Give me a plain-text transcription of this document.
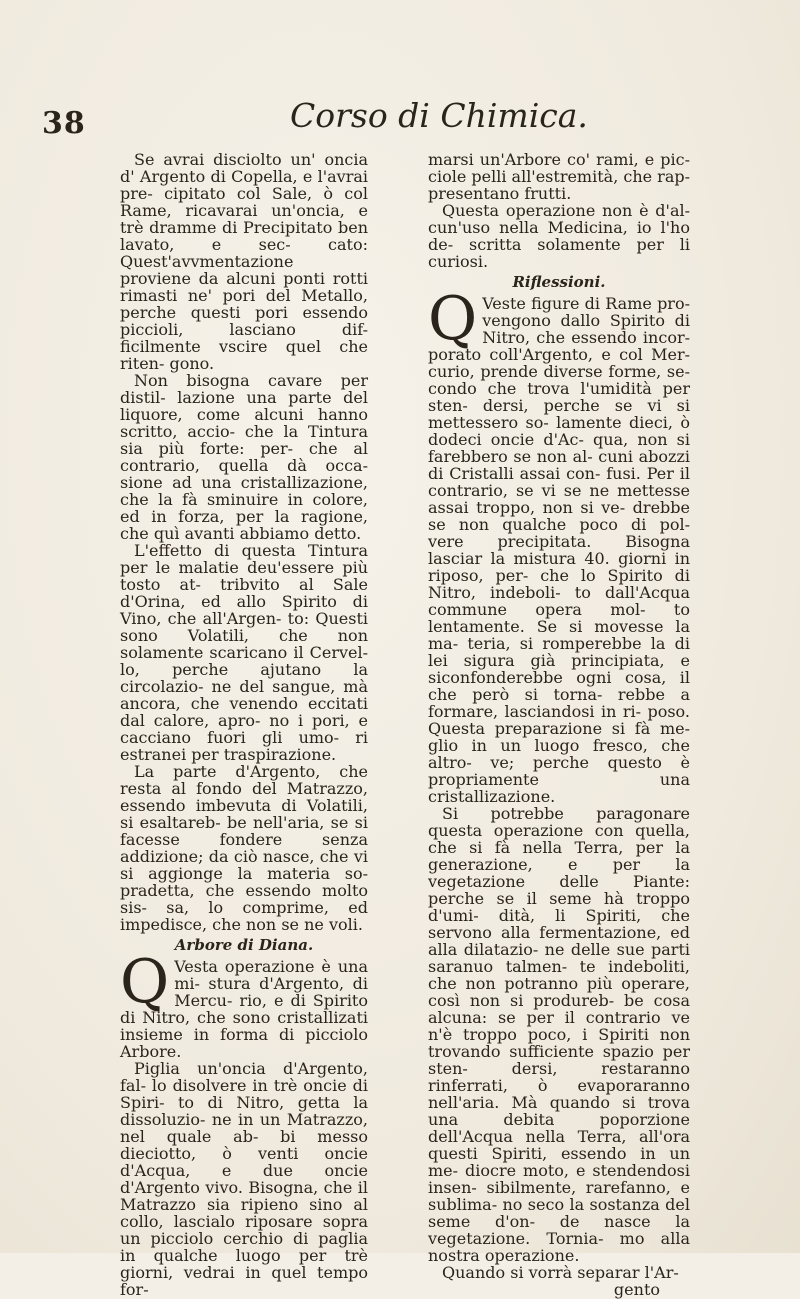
38	Corso di Chimica.

Se avrai disciolto un' oncia d' Argento di Copella, e l'avrai pre- cipitato col Sale, ò col Rame, ricavarai un'oncia, e trè dramme di Precipitato ben lavato, e sec- cato: Quest'avvmentazione proviene da alcuni ponti rotti rimasti ne' pori del Metallo, perche questi pori essendo piccioli, lasciano dif- ficilmente vscire quel che riten- gono.

Non bisogna cavare per distil- lazione una parte del liquore, come alcuni hanno scritto, accio- che la Tintura sia più forte: per- che al contrario, quella dà occa- sione ad una cristallizazione, che la fà sminuire in colore, ed in forza, per la ragione, che quì avanti abbiamo detto.

L'effetto di questa Tintura per le malatie deu'essere più tosto at- tribvito al Sale d'Orina, ed allo Spirito di Vino, che all'Argen- to: Questi sono Volatili, che non solamente scaricano il Cervel- lo, perche ajutano la circolazio- ne del sangue, mà ancora, che venendo eccitati dal calore, apro- no i pori, e cacciano fuori gli umo- ri estranei per traspirazione.

La parte d'Argento, che resta al fondo del Matrazzo, essendo imbevuta di Volatili, si esaltareb- be nell'aria, se si facesse fondere senza addizione; da ciò nasce, che vi si aggionge la materia so- pradetta, che essendo molto sis- sa, lo comprime, ed impedisce, che non se ne voli.

Arbore di Diana.

Q Vesta operazione è una mi- stura d'Argento, di Mercu- rio, e di Spirito di Nitro, che sono cristallizati insieme in forma di picciolo Arbore.

Piglia un'oncia d'Argento, fal- lo disolvere in trè oncie di Spiri- to di Nitro, getta la dissoluzio- ne in un Matrazzo, nel quale ab- bi messo dieciotto, ò venti oncie d'Acqua, e due oncie d'Argento vivo. Bisogna, che il Matrazzo sia ripieno sino al collo, lascialo riposare sopra un picciolo cerchio di paglia in qualche luogo per trè giorni, vedrai in quel tempo for-

marsi un'Arbore co' rami, e pic- ciole pelli all'estremità, che rap- presentano frutti.

Questa operazione non è d'al- cun'uso nella Medicina, io l'ho de- scritta solamente per li curiosi.

Riflessioni.

Q Veste figure di Rame pro- vengono dallo Spirito di Nitro, che essendo incor- porato coll'Argento, e col Mer- curio, prende diverse forme, se- condo che trova l'umidità per sten- dersi, perche se vi si mettessero so- lamente dieci, ò dodeci oncie d'Ac- qua, non si farebbero se non al- cuni abozzi di Cristalli assai con- fusi. Per il contrario, se vi se ne mettesse assai troppo, non si ve- drebbe se non qualche poco di pol- vere precipitata. Bisogna lasciar la mistura 40. giorni in riposo, per- che lo Spirito di Nitro, indeboli- to dall'Acqua commune opera mol- to lentamente. Se si movesse la ma- teria, si romperebbe la di lei sigura già principiata, e siconfonderebbe ogni cosa, il che però si torna- rebbe a formare, lasciandosi in ri- poso. Questa preparazione si fà me- glio in un luogo fresco, che altro- ve; perche questo è propriamente una cristallizazione.

Si potrebbe paragonare questa operazione con quella, che si fà nella Terra, per la generazione, e per la vegetazione delle Piante: perche se il seme hà troppo d'umi- dità, li Spiriti, che servono alla fermentazione, ed alla dilatazio- ne delle sue parti saranuo talmen- te indeboliti, che non potranno più operare, così non si produreb- be cosa alcuna: se per il contrario ve n'è troppo poco, i Spiriti non trovando sufficiente spazio per sten- dersi, restaranno rinferrati, ò evaporaranno nell'aria. Mà quando si trova una debita poporzione dell'Acqua nella Terra, all'ora questi Spiriti, essendo in un me- diocre moto, e stendendosi insen- sibilmente, rarefanno, e sublima- no seco la sostanza del seme d'on- de nasce la vegetazione. Tornia- mo alla nostra operazione.

Quando si vorrà separar l'Ar-

gento
